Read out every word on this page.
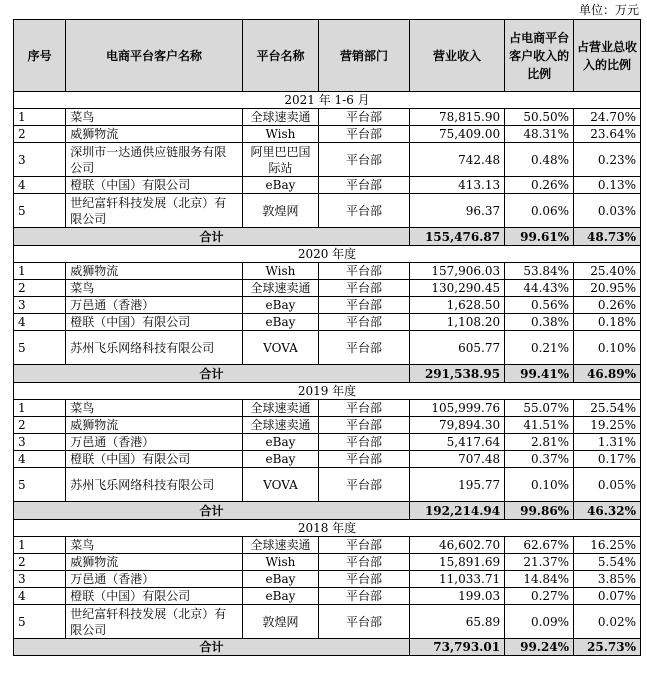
单位：万元
序号	电商平台客户名称	平台名称	营销部门	营业收入	占电商平台客户收入的比例	占营业总收入的比例
2021 年 1-6 月						
1	菜鸟	全球速卖通	平台部	78,815.90	50.50%	24.70%
2	威狮物流	Wish	平台部	75,409.00	48.31%	23.64%
3	深圳市一达通供应链服务有限公司	阿里巴巴国际站	平台部	742.48	0.48%	0.23%
4	橙联（中国）有限公司	eBay	平台部	413.13	0.26%	0.13%
5	世纪富轩科技发展（北京）有限公司	敦煌网	平台部	96.37	0.06%	0.03%
合计				155,476.87	99.61%	48.73%
2020 年度						
1	威狮物流	Wish	平台部	157,906.03	53.84%	25.40%
2	菜鸟	全球速卖通	平台部	130,290.45	44.43%	20.95%
3	万邑通（香港）	eBay	平台部	1,628.50	0.56%	0.26%
4	橙联（中国）有限公司	eBay	平台部	1,108.20	0.38%	0.18%
5	苏州飞乐网络科技有限公司	VOVA	平台部	605.77	0.21%	0.10%
合计				291,538.95	99.41%	46.89%
2019 年度						
1	菜鸟	全球速卖通	平台部	105,999.76	55.07%	25.54%
2	威狮物流	全球速卖通	平台部	79,894.30	41.51%	19.25%
3	万邑通（香港）	eBay	平台部	5,417.64	2.81%	1.31%
4	橙联（中国）有限公司	eBay	平台部	707.48	0.37%	0.17%
5	苏州飞乐网络科技有限公司	VOVA	平台部	195.77	0.10%	0.05%
合计				192,214.94	99.86%	46.32%
2018 年度						
1	菜鸟	全球速卖通	平台部	46,602.70	62.67%	16.25%
2	威狮物流	Wish	平台部	15,891.69	21.37%	5.54%
3	万邑通（香港）	eBay	平台部	11,033.71	14.84%	3.85%
4	橙联（中国）有限公司	eBay	平台部	199.03	0.27%	0.07%
5	世纪富轩科技发展（北京）有限公司	敦煌网	平台部	65.89	0.09%	0.02%
合计				73,793.01	99.24%	25.73%
